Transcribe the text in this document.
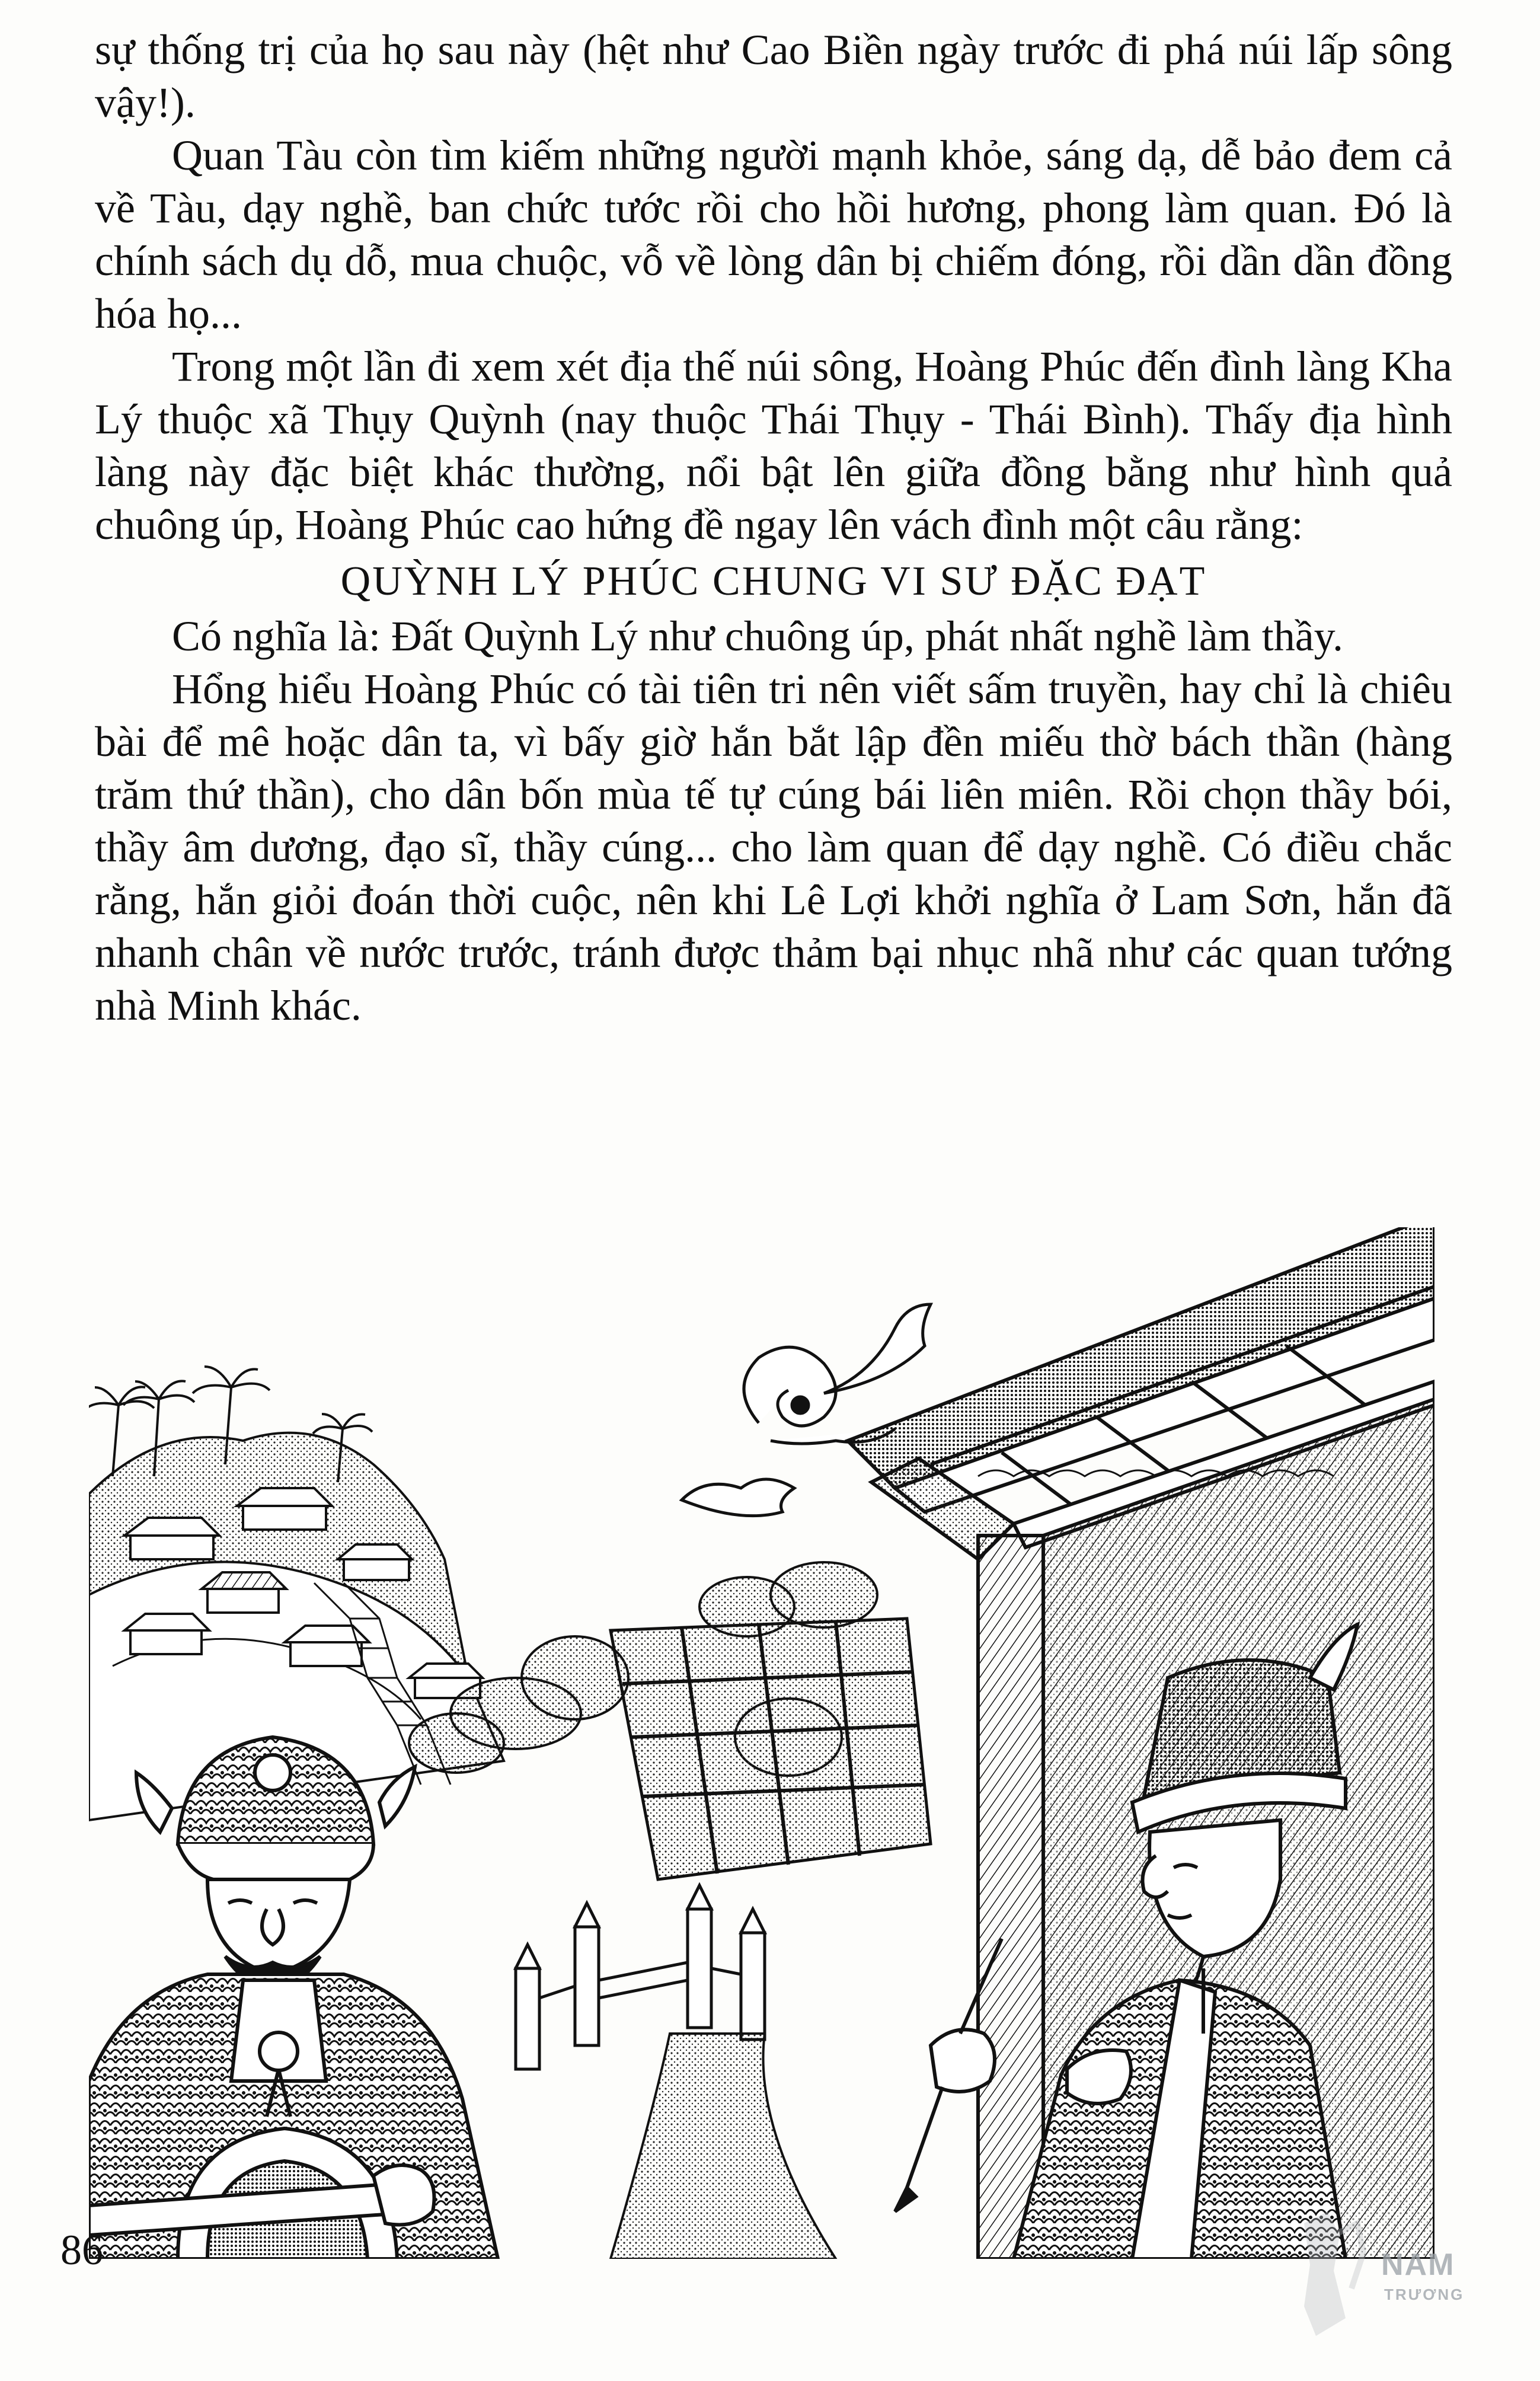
sự thống trị của họ sau này (hệt như Cao Biền ngày trước đi phá núi lấp sông vậy!).

Quan Tàu còn tìm kiếm những người mạnh khỏe, sáng dạ, dễ bảo đem cả về Tàu, dạy nghề, ban chức tước rồi cho hồi hương, phong làm quan. Đó là chính sách dụ dỗ, mua chuộc, vỗ về lòng dân bị chiếm đóng, rồi dần dần đồng hóa họ...

Trong một lần đi xem xét địa thế núi sông, Hoàng Phúc đến đình làng Kha Lý thuộc xã Thụy Quỳnh (nay thuộc Thái Thụy - Thái Bình). Thấy địa hình làng này đặc biệt khác thường, nổi bật lên giữa đồng bằng như hình quả chuông úp, Hoàng Phúc cao hứng đề ngay lên vách đình một câu rằng:

QUỲNH LÝ PHÚC CHUNG VI SƯ ĐẶC ĐẠT

Có nghĩa là: Đất Quỳnh Lý như chuông úp, phát nhất nghề làm thầy.

Hổng hiểu Hoàng Phúc có tài tiên tri nên viết sấm truyền, hay chỉ là chiêu bài để mê hoặc dân ta, vì bấy giờ hắn bắt lập đền miếu thờ bách thần (hàng trăm thứ thần), cho dân bốn mùa tế tự cúng bái liên miên. Rồi chọn thầy bói, thầy âm dương, đạo sĩ, thầy cúng... cho làm quan để dạy nghề. Có điều chắc rằng, hắn giỏi đoán thời cuộc, nên khi Lê Lợi khởi nghĩa ở Lam Sơn, hắn đã nhanh chân về nước trước, tránh được thảm bại nhục nhã như các quan tướng nhà Minh khác.

86	NAM
TRƯƠNG
